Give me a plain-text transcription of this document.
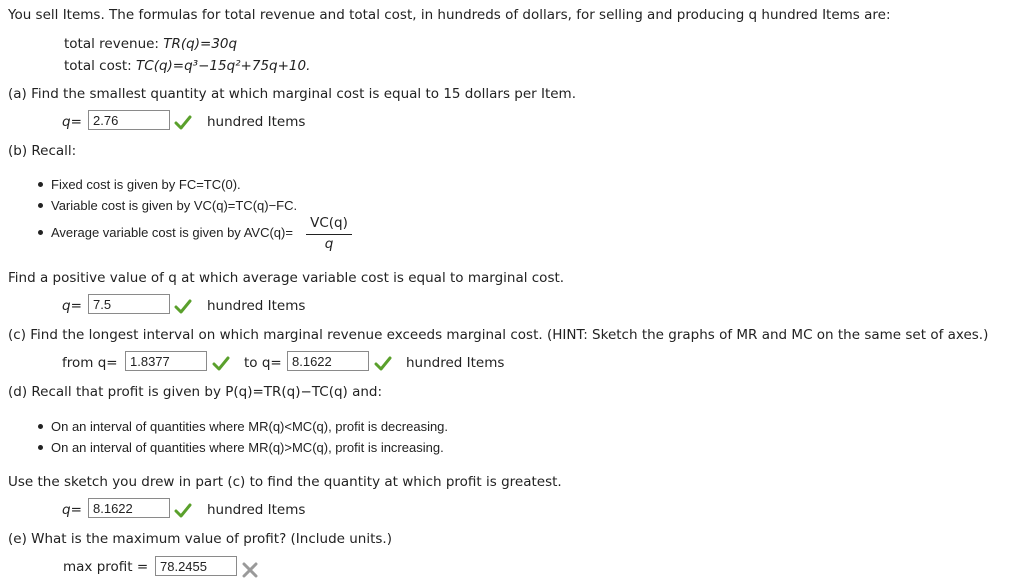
You sell Items. The formulas for total revenue and total cost, in hundreds of dollars, for selling and producing q hundred Items are:
total revenue: TR(q)=30q
total cost: TC(q)=q³−15q²+75q+10.
(a) Find the smallest quantity at which marginal cost is equal to 15 dollars per Item.
q= 2.76	hundred Items
(b) Recall:
Fixed cost is given by FC=TC(0).
Variable cost is given by VC(q)=TC(q)−FC.
Average variable cost is given by AVC(q)=
VC(q)
q
Find a positive value of q at which average variable cost is equal to marginal cost.
q= 7.5	hundred Items
(c) Find the longest interval on which marginal revenue exceeds marginal cost. (HINT: Sketch the graphs of MR and MC on the same set of axes.)
from q= 1.8377	to q= 8.1622	hundred Items
(d) Recall that profit is given by P(q)=TR(q)−TC(q) and:
On an interval of quantities where MR(q)<MC(q), profit is decreasing.
On an interval of quantities where MR(q)>MC(q), profit is increasing.
Use the sketch you drew in part (c) to find the quantity at which profit is greatest.
q= 8.1622	hundred Items
(e) What is the maximum value of profit? (Include units.)
max profit = 78.2455
